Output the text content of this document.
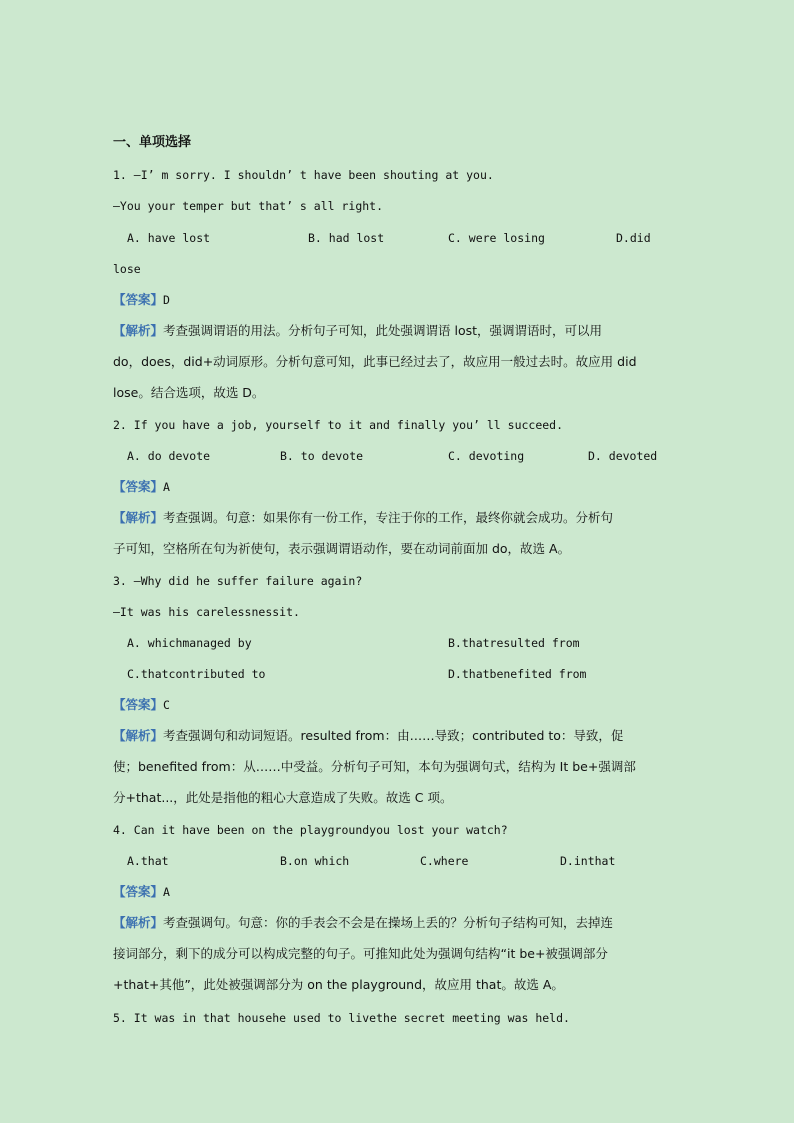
一、单项选择
1. —I’ m sorry. I shouldn’ t have been shouting at you.
—You your temper but that’ s all right.
A. have lost	B. had lost	C. were losing	D.did
lose
【答案】D
【解析】考查强调谓语的用法。分析句子可知，此处强调谓语 lost，强调谓语时，可以用
do，does，did+动词原形。分析句意可知，此事已经过去了，故应用一般过去时。故应用 did
lose。结合选项，故选 D。
2. If you have a job, yourself to it and finally you’ ll succeed.
A. do devote	B. to devote	C. devoting	D. devoted
【答案】A
【解析】考查强调。句意：如果你有一份工作，专注于你的工作，最终你就会成功。分析句
子可知，空格所在句为祈使句，表示强调谓语动作，要在动词前面加 do，故选 A。
3. —Why did he suffer failure again?
—It was his carelessnessit.
A. whichmanaged by	B.thatresulted from
C.thatcontributed to	D.thatbenefited from
【答案】C
【解析】考查强调句和动词短语。resulted from：由……导致；contributed to：导致，促
使；benefited from：从……中受益。分析句子可知，本句为强调句式，结构为 It be+强调部
分+that...，此处是指他的粗心大意造成了失败。故选 C 项。
4. Can it have been on the playgroundyou lost your watch?
A.that	B.on which	C.where	D.inthat
【答案】A
【解析】考查强调句。句意：你的手表会不会是在操场上丢的？分析句子结构可知，去掉连
接词部分，剩下的成分可以构成完整的句子。可推知此处为强调句结构“it be+被强调部分
+that+其他”，此处被强调部分为 on the playground，故应用 that。故选 A。
5. It was in that househe used to livethe secret meeting was held.
